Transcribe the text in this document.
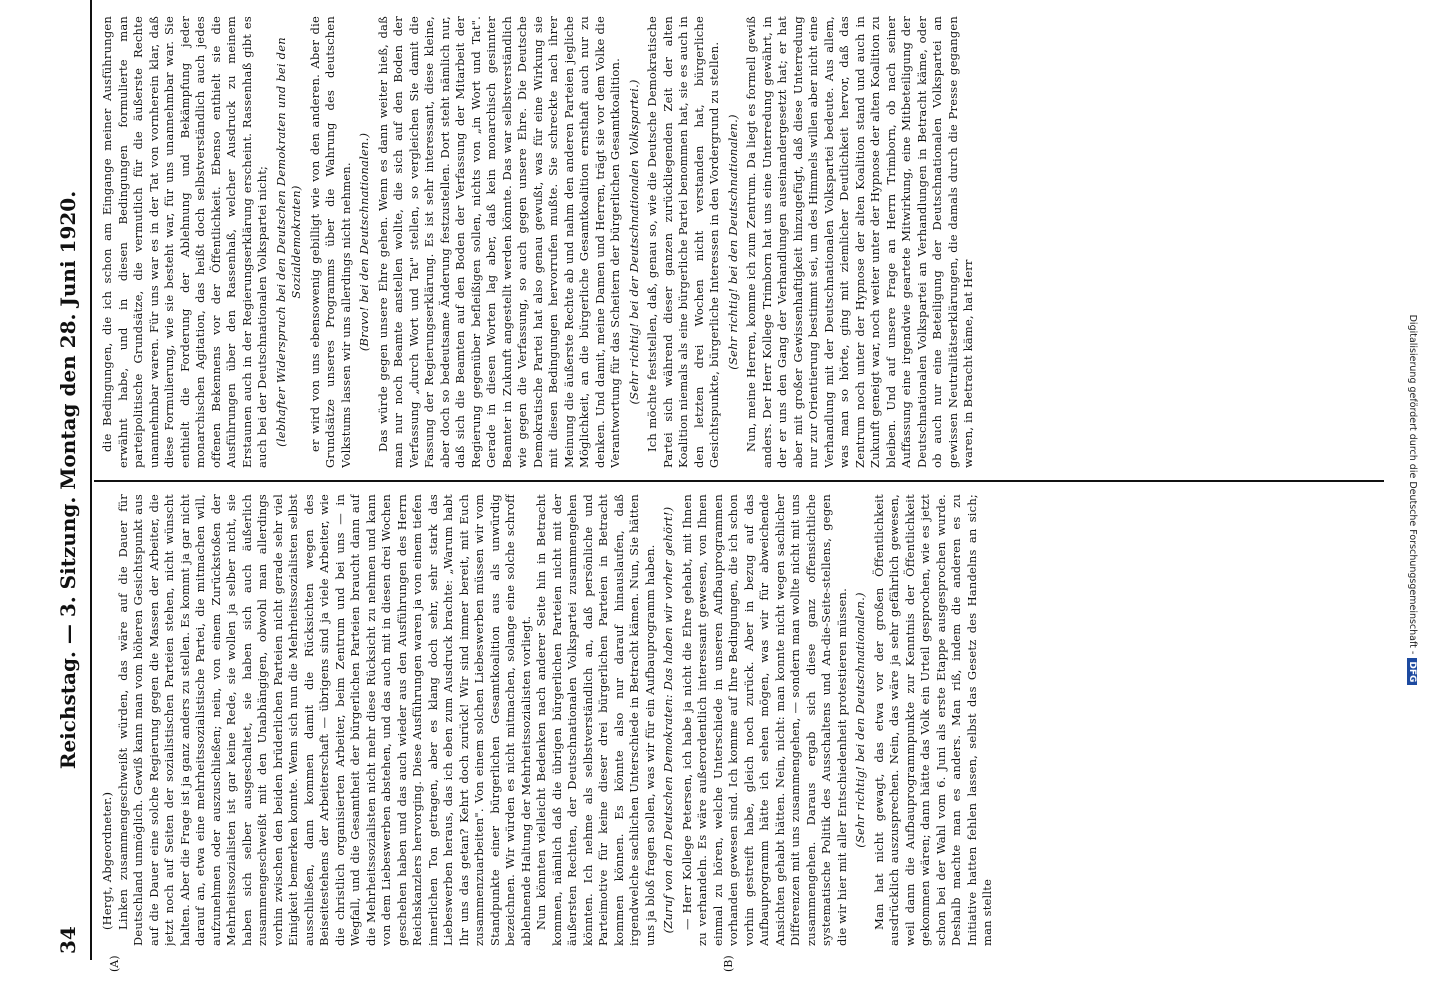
34
Reichstag. — 3. Sitzung. Montag den 28. Juni 1920.
(A)	(B)

(Hergt, Abgeordneter.) Linken zusammengeschweißt würden, das wäre auf die Dauer für Deutschland unmöglich. Gewiß kann man vom höheren Gesichtspunkt aus auf die Dauer eine solche Regierung gegen die Massen der Arbeiter, die jetzt noch auf Seiten der sozialistischen Parteien stehen, nicht wünscht halten. Aber die Frage ist ja ganz anders zu stellen. Es kommt ja gar nicht darauf an, etwa eine mehrheitssozialistische Partei, die mitmachen will, aufzunehmen oder auszuschließen; nein, von einem Zurückstoßen der Mehrheitssozialisten ist gar keine Rede, sie wollen ja selber nicht, sie haben sich selber ausgeschaltet, sie haben sich auch äußerlich zusammengeschweißt mit den Unabhängigen, obwohl man allerdings vorhin zwischen den beiden brüderlichen Parteien nicht gerade sehr viel Einigkeit bemerken konnte. Wenn sich nun die Mehrheitssozialisten selbst ausschließen, dann kommen damit die Rücksichten wegen des Beiseitestehens der Arbeiterschaft — übrigens sind ja viele Arbeiter, wie die christlich organisierten Arbeiter, beim Zentrum und bei uns — in Wegfall, und die Gesamtheit der bürgerlichen Parteien braucht dann auf die Mehrheitssozialisten nicht mehr diese Rücksicht zu nehmen und kann von dem Liebeswerben abstehen, und das auch mit in diesen drei Wochen geschehen haben und das auch wieder aus den Ausführungen des Herrn Reichskanzlers hervorging. Diese Ausführungen waren ja von einem tiefen innerlichen Ton getragen, aber es klang doch sehr, sehr stark das Liebeswerben heraus, das ich eben zum Ausdruck brachte: „Warum habt Ihr uns das getan? Kehrt doch zurück! Wir sind immer bereit, mit Euch zusammenzuarbeiten". Von einem solchen Liebeswerben müssen wir vom Standpunkte einer bürgerlichen Gesamtkoalition aus als unwürdig bezeichnen. Wir würden es nicht mitmachen, solange eine solche schroff ablehnende Haltung der Mehrheitssozialisten vorliegt. Nun könnten vielleicht Bedenken nach anderer Seite hin in Betracht kommen, nämlich daß die übrigen bürgerlichen Parteien nicht mit der äußersten Rechten, der Deutschnationalen Volkspartei zusammengehen könnten. Ich nehme als selbstverständlich an, daß persönliche und Parteimotive für keine dieser drei bürgerlichen Parteien in Betracht kommen können. Es könnte also nur darauf hinauslaufen, daß irgendwelche sachlichen Unterschiede in Betracht kämen. Nun, Sie hätten uns ja bloß fragen sollen, was wir für ein Aufbauprogramm haben. (Zuruf von den Deutschen Demokraten: Das haben wir vorher gehört!) — Herr Kollege Petersen, ich habe ja nicht die Ehre gehabt, mit Ihnen zu verhandeln. Es wäre außerordentlich interessant gewesen, von Ihnen einmal zu hören, welche Unterschiede in unseren Aufbauprogrammen vorhanden gewesen sind. Ich komme auf Ihre Bedingungen, die ich schon vorhin gestreift habe, gleich noch zurück. Aber in bezug auf das Aufbauprogramm hätte ich sehen mögen, was wir für abweichende Ansichten gehabt hätten. Nein, nicht: man konnte nicht wegen sachlicher Differenzen mit uns zusammengehen, — sondern man wollte nicht mit uns zusammengehen. Daraus ergab sich diese ganz offensichtliche systematische Politik des Ausschaltens und An-die-Seite-stellens, gegen die wir hier mit aller Entschiedenheit protestieren müssen. (Sehr richtig! bei den Deutschnationalen.) Man hat nicht gewagt, das etwa vor der großen Öffentlichkeit ausdrücklich auszusprechen. Nein, das wäre ja sehr gefährlich gewesen, weil dann die Aufbauprogrammpunkte zur Kenntnis der Öffentlichkeit gekommen wären; dann hätte das Volk ein Urteil gesprochen, wie es jetzt schon bei der Wahl vom 6. Juni als erste Etappe ausgesprochen wurde. Deshalb machte man es anders. Man riß, indem die anderen es zu Initiative hatten fehlen lassen, selbst das Gesetz des Handelns an sich; man stellte

die Bedingungen, die ich schon am Eingange meiner Ausführungen erwähnt habe, und in diesen Bedingungen formulierte man parteipolitische Grundsätze, die vermutlich für die äußerste Rechte unannehmbar waren. Für uns war es in der Tat von vornherein klar, daß diese Formulierung, wie sie besteht war, für uns unannehmbar war. Sie enthielt die Forderung der Ablehnung und Bekämpfung jeder monarchischen Agitation, das heißt doch selbstverständlich auch jedes offenen Bekennens vor der Öffentlichkeit. Ebenso enthielt sie die Ausführungen über den Rassenhaß, welcher Ausdruck zu meinem Erstaunen auch in der Regierungserklärung erscheint. Rassenhaß gibt es auch bei der Deutschnationalen Volkspartei nicht; (lebhafter Widerspruch bei den Deutschen Demokraten und bei den Sozialdemokraten) er wird von uns ebensowenig gebilligt wie von den anderen. Aber die Grundsätze unseres Programms über die Wahrung des deutschen Volkstums lassen wir uns allerdings nicht nehmen. (Bravo! bei den Deutschnationalen.) Das würde gegen unsere Ehre gehen. Wenn es dann weiter hieß, daß man nur noch Beamte anstellen wollte, die sich auf den Boden der Verfassung „durch Wort und Tat" stellen, so vergleichen Sie damit die Fassung der Regierungserklärung. Es ist sehr interessant, diese kleine, aber doch so bedeutsame Änderung festzustellen. Dort steht nämlich nur, daß sich die Beamten auf den Boden der Verfassung der Mitarbeit der Regierung gegenüber befleißigen sollen, nichts von „in Wort und Tat". Gerade in diesen Worten lag aber, daß kein monarchisch gesinnter Beamter in Zukunft angestellt werden könnte. Das war selbstverständlich wie gegen die Verfassung, so auch gegen unsere Ehre. Die Deutsche Demokratische Partei hat also genau gewußt, was für eine Wirkung sie mit diesen Bedingungen hervorrufen mußte. Sie schreckte nach ihrer Meinung die äußerste Rechte ab und nahm den anderen Parteien jegliche Möglichkeit, an die bürgerliche Gesamtkoalition ernsthaft auch nur zu denken. Und damit, meine Damen und Herren, trägt sie vor dem Volke die Verantwortung für das Scheitern der bürgerlichen Gesamtkoalition. (Sehr richtig! bei der Deutschnationalen Volkspartei.) Ich möchte feststellen, daß, genau so, wie die Deutsche Demokratische Partei sich während dieser ganzen zurückliegenden Zeit der alten Koalition niemals als eine bürgerliche Partei benommen hat, sie es auch in den letzten drei Wochen nicht verstanden hat, bürgerliche Gesichtspunkte, bürgerliche Interessen in den Vordergrund zu stellen. (Sehr richtig! bei den Deutschnationalen.) Nun, meine Herren, komme ich zum Zentrum. Da liegt es formell gewiß anders. Der Herr Kollege Trimborn hat uns eine Unterredung gewährt, in der er uns den Gang der Verhandlungen auseinandergesetzt hat; er hat aber mit großer Gewissenhaftigkeit hinzugefügt, daß diese Unterredung nur zur Orientierung bestimmt sei, um des Himmels willen aber nicht eine Verhandlung mit der Deutschnationalen Volkspartei bedeute. Aus allem, was man so hörte, ging mit ziemlicher Deutlichkeit hervor, daß das Zentrum noch unter der Hypnose der alten Koalition stand und auch in Zukunft geneigt war, noch weiter unter der Hypnose der alten Koalition zu bleiben. Und auf unsere Frage an Herrn Trimborn, ob nach seiner Auffassung eine irgendwie geartete Mitwirkung, eine Mitbeteiligung der Deutschnationalen Volkspartei an Verhandlungen in Betracht käme, oder ob auch nur eine Beteiligung der Deutschnationalen Volkspartei an gewissen Neutralitätserklärungen, die damals durch die Presse gegangen waren, in Betracht käme, hat Herr	Digitalisierung gefördert durch die Deutsche Forschungsgemeinschaft -DFG
